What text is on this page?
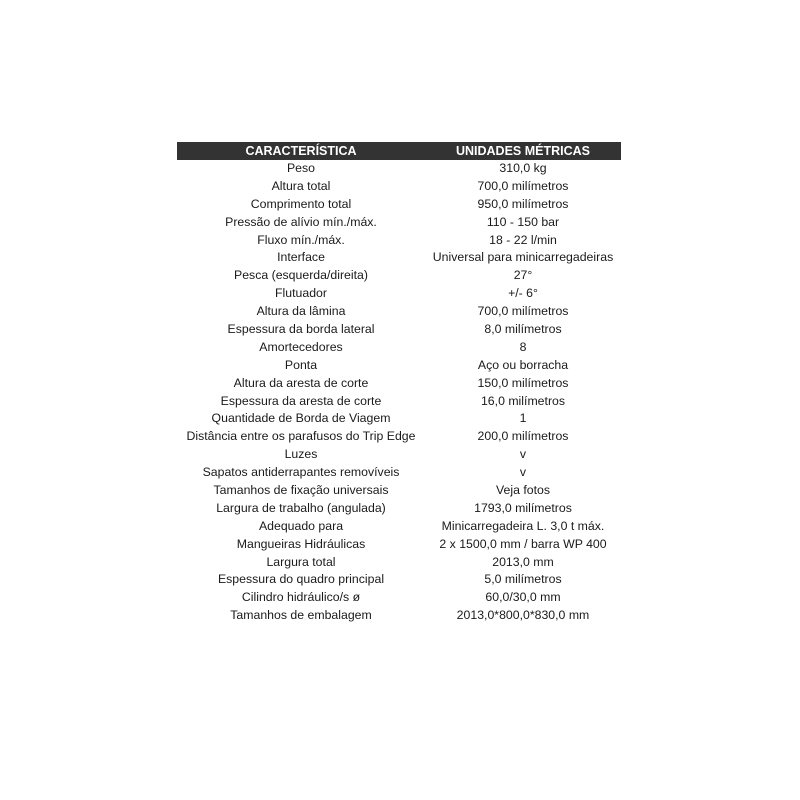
CARACTERÍSTICA	UNIDADES MÉTRICAS
Peso	310,0 kg
Altura total	700,0 milímetros
Comprimento total	950,0 milímetros
Pressão de alívio mín./máx.	110 - 150 bar
Fluxo mín./máx.	18 - 22 l/min
Interface	Universal para minicarregadeiras
Pesca (esquerda/direita)	27°
Flutuador	+/- 6°
Altura da lâmina	700,0 milímetros
Espessura da borda lateral	8,0 milímetros
Amortecedores	8
Ponta	Aço ou borracha
Altura da aresta de corte	150,0 milímetros
Espessura da aresta de corte	16,0 milímetros
Quantidade de Borda de Viagem	1
Distância entre os parafusos do Trip Edge	200,0 milímetros
Luzes	v
Sapatos antiderrapantes removíveis	v
Tamanhos de fixação universais	Veja fotos
Largura de trabalho (angulada)	1793,0 milímetros
Adequado para	Minicarregadeira L. 3,0 t máx.
Mangueiras Hidráulicas	2 x 1500,0 mm / barra WP 400
Largura total	2013,0 mm
Espessura do quadro principal	5,0 milímetros
Cilindro hidráulico/s ø	60,0/30,0 mm
Tamanhos de embalagem	2013,0*800,0*830,0 mm
